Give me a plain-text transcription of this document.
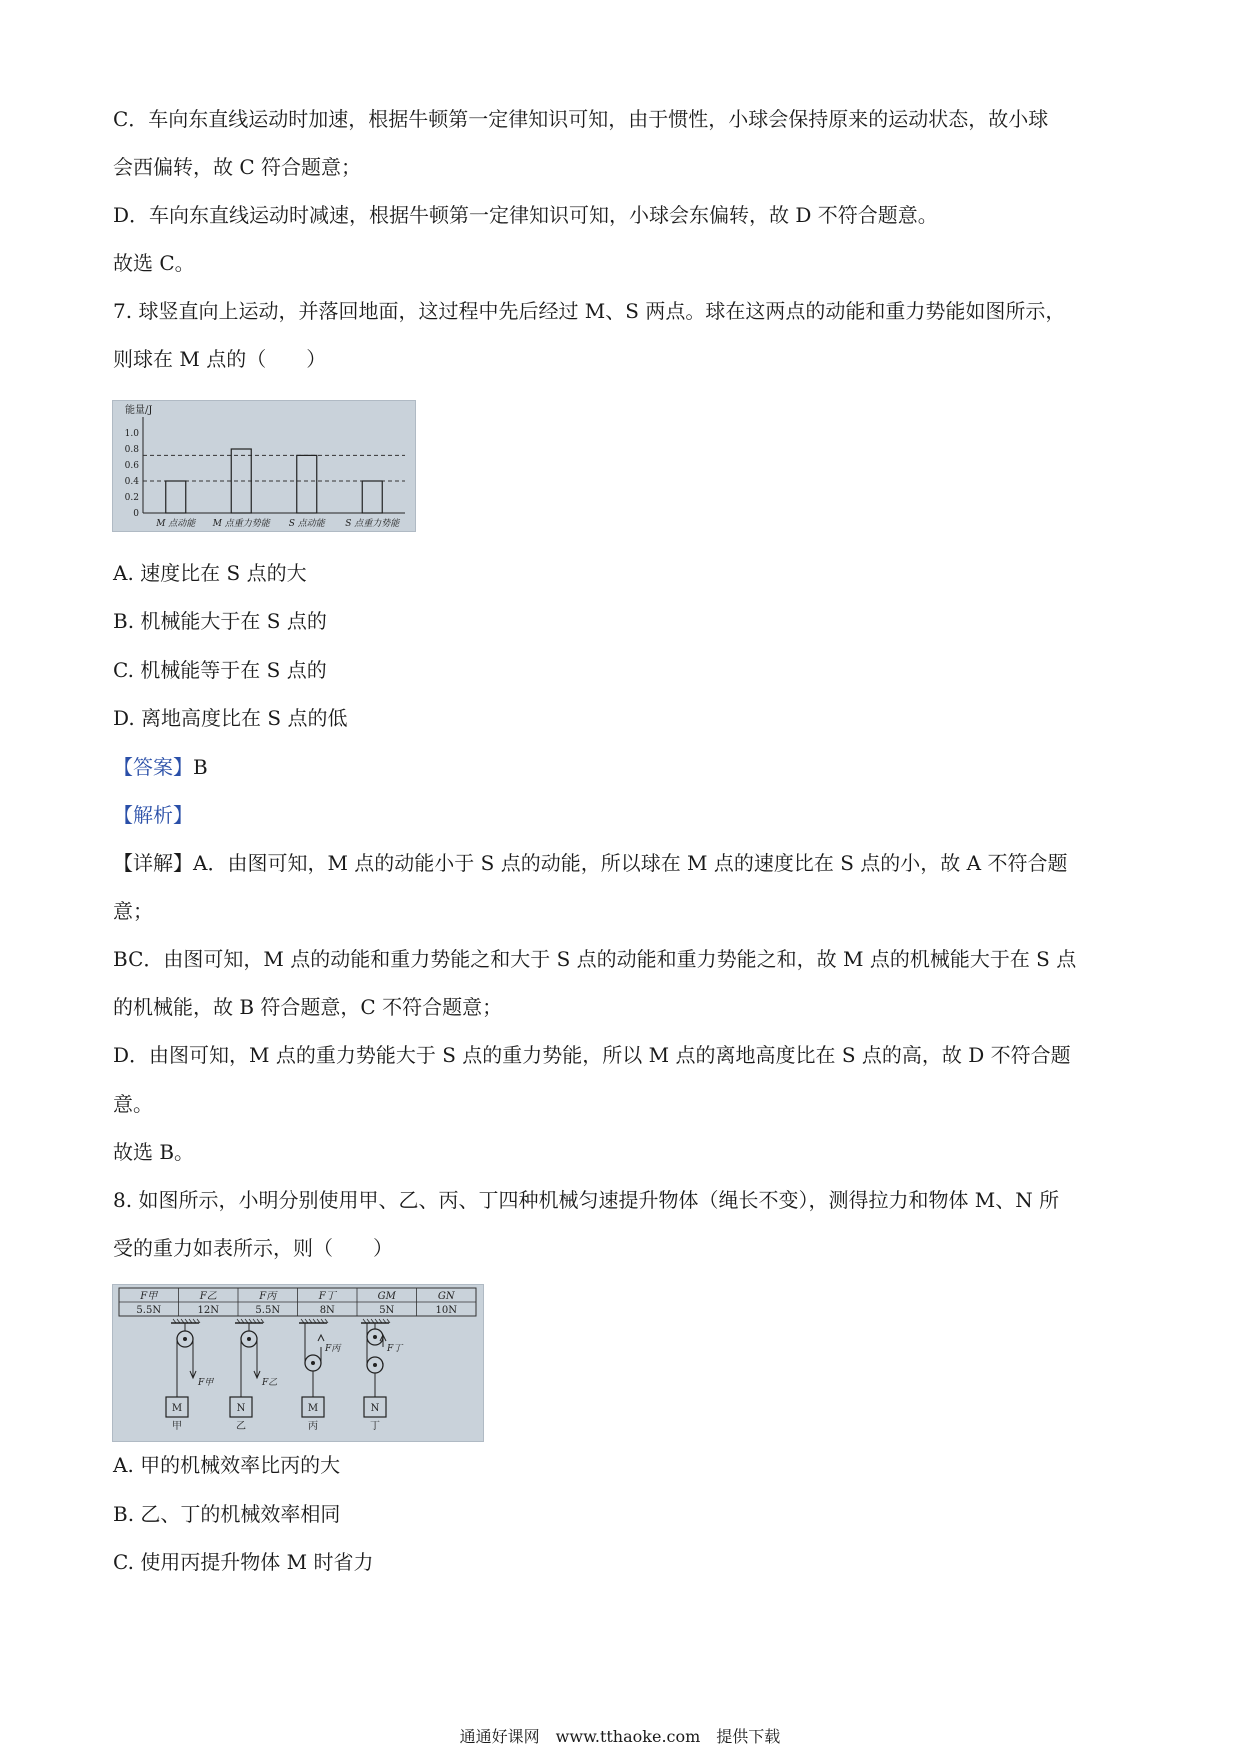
C．车向东直线运动时加速，根据牛顿第一定律知识可知，由于惯性，小球会保持原来的运动状态，故小球
会西偏转，故 C 符合题意；
D．车向东直线运动时减速，根据牛顿第一定律知识可知，小球会东偏转，故 D 不符合题意。
故选 C。
7. 球竖直向上运动，并落回地面，这过程中先后经过 M、S 两点。球在这两点的动能和重力势能如图所示，
则球在 M 点的（　　）
能量/J
1.0
0.8
0.6
0.4
0.2
0
M 点动能 M 点重力势能 S 点动能 S 点重力势能
A. 速度比在 S 点的大
B. 机械能大于在 S 点的
C. 机械能等于在 S 点的
D. 离地高度比在 S 点的低
【答案】B
【解析】
【详解】A．由图可知，M 点的动能小于 S 点的动能，所以球在 M 点的速度比在 S 点的小，故 A 不符合题
意；
BC．由图可知，M 点的动能和重力势能之和大于 S 点的动能和重力势能之和，故 M 点的机械能大于在 S 点
的机械能，故 B 符合题意，C 不符合题意；
D．由图可知，M 点的重力势能大于 S 点的重力势能，所以 M 点的离地高度比在 S 点的高，故 D 不符合题
意。
故选 B。
8. 如图所示，小明分别使用甲、乙、丙、丁四种机械匀速提升物体（绳长不变），测得拉力和物体 M、N 所
受的重力如表所示，则（　　）
F甲
5.5N
F乙
12N
F丙
5.5N
F丁
8N
GM
5N
GN
10N
F甲
M
甲
F乙
N
乙
F丙
M
丙
F丁
N
丁
A. 甲的机械效率比丙的大
B. 乙、丁的机械效率相同
C. 使用丙提升物体 M 时省力
通通好课网　www.tthaoke.com　提供下载
